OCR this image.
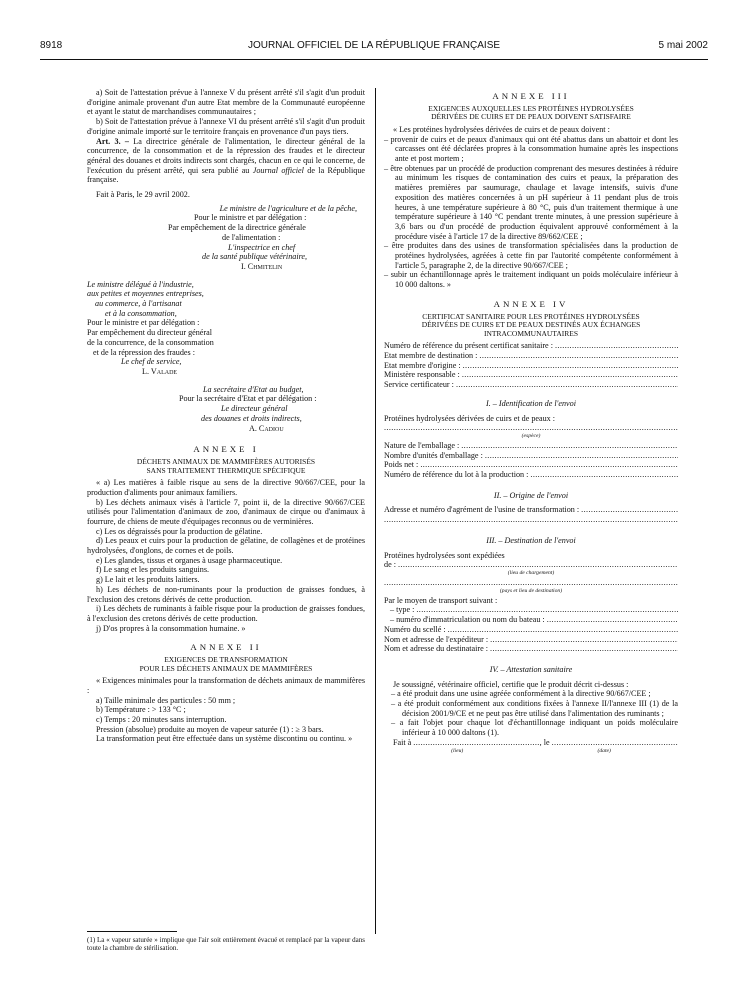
8918	JOURNAL OFFICIEL DE LA RÉPUBLIQUE FRANÇAISE	5 mai 2002

a) Soit de l'attestation prévue à l'annexe V du présent arrêté s'il s'agit d'un produit d'origine animale provenant d'un autre Etat membre de la Communauté européenne et ayant le statut de marchandises communautaires ;

b) Soit de l'attestation prévue à l'annexe VI du présent arrêté s'il s'agit d'un produit d'origine animale importé sur le territoire français en provenance d'un pays tiers.

Art. 3. – La directrice générale de l'alimentation, le directeur général de la concurrence, de la consommation et de la répression des fraudes et le directeur général des douanes et droits indirects sont chargés, chacun en ce qui le concerne, de l'exécution du présent arrêté, qui sera publié au Journal officiel de la République française.

Fait à Paris, le 29 avril 2002.

Le ministre de l'agriculture et de la pêche,
Pour le ministre et par délégation :
Par empêchement de la directrice générale
de l'alimentation :
L'inspectrice en chef
de la santé publique vétérinaire,
I. Chmitelin
Le ministre délégué à l'industrie,
aux petites et moyennes entreprises,
au commerce, à l'artisanat
et à la consommation,
Pour le ministre et par délégation :
Par empêchement du directeur général
de la concurrence, de la consommation
et de la répression des fraudes :
Le chef de service,
L. Valade
La secrétaire d'Etat au budget,
Pour la secrétaire d'Etat et par délégation :
Le directeur général
des douanes et droits indirects,
A. Cadiou
ANNEXE I
DÉCHETS ANIMAUX DE MAMMIFÈRES AUTORISÉS
SANS TRAITEMENT THERMIQUE SPÉCIFIQUE

« a) Les matières à faible risque au sens de la directive 90/667/CEE, pour la production d'aliments pour animaux familiers.

b) Les déchets animaux visés à l'article 7, point ii, de la directive 90/667/CEE utilisés pour l'alimentation d'animaux de zoo, d'animaux de cirque ou d'animaux à fourrure, de chiens de meute d'équipages reconnus ou de verminières.

c) Les os dégraissés pour la production de gélatine.

d) Les peaux et cuirs pour la production de gélatine, de collagènes et de protéines hydrolysées, d'onglons, de cornes et de poils.

e) Les glandes, tissus et organes à usage pharmaceutique.

f) Le sang et les produits sanguins.

g) Le lait et les produits laitiers.

h) Les déchets de non-ruminants pour la production de graisses fondues, à l'exclusion des cretons dérivés de cette production.

i) Les déchets de ruminants à faible risque pour la production de graisses fondues, à l'exclusion des cretons dérivés de cette production.

j) D'os propres à la consommation humaine. »

ANNEXE II
EXIGENCES DE TRANSFORMATION
POUR LES DÉCHETS ANIMAUX DE MAMMIFÈRES

« Exigences minimales pour la transformation de déchets animaux de mammifères :

a) Taille minimale des particules : 50 mm ;

b) Température : > 133 °C ;

c) Temps : 20 minutes sans interruption.

Pression (absolue) produite au moyen de vapeur saturée (1) : ≥ 3 bars.

La transformation peut être effectuée dans un système discontinu ou continu. »

(1) La « vapeur saturée » implique que l'air soit entièrement évacué et remplacé par la vapeur dans toute la chambre de stérilisation.

ANNEXE III
EXIGENCES AUXQUELLES LES PROTÉINES HYDROLYSÉES
DÉRIVÉES DE CUIRS ET DE PEAUX DOIVENT SATISFAIRE

« Les protéines hydrolysées dérivées de cuirs et de peaux doivent :

– provenir de cuirs et de peaux d'animaux qui ont été abattus dans un abattoir et dont les carcasses ont été déclarées propres à la consommation humaine après les inspections ante et post mortem ;

– être obtenues par un procédé de production comprenant des mesures destinées à réduire au minimum les risques de contamination des cuirs et peaux, la préparation des matières premières par saumurage, chaulage et lavage intensifs, suivis d'une exposition des matières concernées à un pH supérieur à 11 pendant plus de trois heures, à une température supérieure à 80 °C, puis d'un traitement thermique à une température supérieure à 140 °C pendant trente minutes, à une pression supérieure à 3,6 bars ou d'un procédé de production équivalent approuvé conformément à la procédure visée à l'article 17 de la directive 89/662/CEE ;

– être produites dans des usines de transformation spécialisées dans la production de protéines hydrolysées, agréées à cette fin par l'autorité compétente conformément à l'article 5, paragraphe 2, de la directive 90/667/CEE ;

– subir un échantillonnage après le traitement indiquant un poids moléculaire inférieur à 10 000 daltons. »

ANNEXE IV
CERTIFICAT SANITAIRE POUR LES PROTÉINES HYDROLYSÉES
DÉRIVÉES DE CUIRS ET DE PEAUX DESTINÉS AUX ÉCHANGES
INTRACOMMUNAUTAIRES
Numéro de référence du présent certificat sanitaire :
.....
Etat membre de destination :
.....
Etat membre d'origine :
.....
Ministère responsable :
.....
Service certificateur :
.....
I. – Identification de l'envoi

Protéines hydrolysées dérivées de cuirs et de peaux :

.....
(espèce)
Nature de l'emballage :
.....
Nombre d'unités d'emballage :
.....
Poids net :
.....
Numéro de référence du lot à la production :
.....
II. – Origine de l'envoi
Adresse et numéro d'agrément de l'usine de transformation :
.....
.....
III. – Destination de l'envoi

Protéines hydrolysées sont expédiées

de :
.....
(lieu de chargement)
.....
(pays et lieu de destination)

Par le moyen de transport suivant :

– type :
.....
– numéro d'immatriculation ou nom du bateau :
.....
Numéro du scellé :
.....
Nom et adresse de l'expéditeur :
.....
Nom et adresse du destinataire :
.....
IV. – Attestation sanitaire

Je soussigné, vétérinaire officiel, certifie que le produit décrit ci-dessus :

– a été produit dans une usine agréée conformément à la directive 90/667/CEE ;

– a été produit conformément aux conditions fixées à l'annexe II/l'annexe III (1) de la décision 2001/9/CE et ne peut pas être utilisé dans l'alimentation des ruminants ;

– a fait l'objet pour chaque lot d'échantillonnage indiquant un poids moléculaire inférieur à 10 000 daltons (1).

Fait à
.....	, le
.....
(lieu)	(date)
